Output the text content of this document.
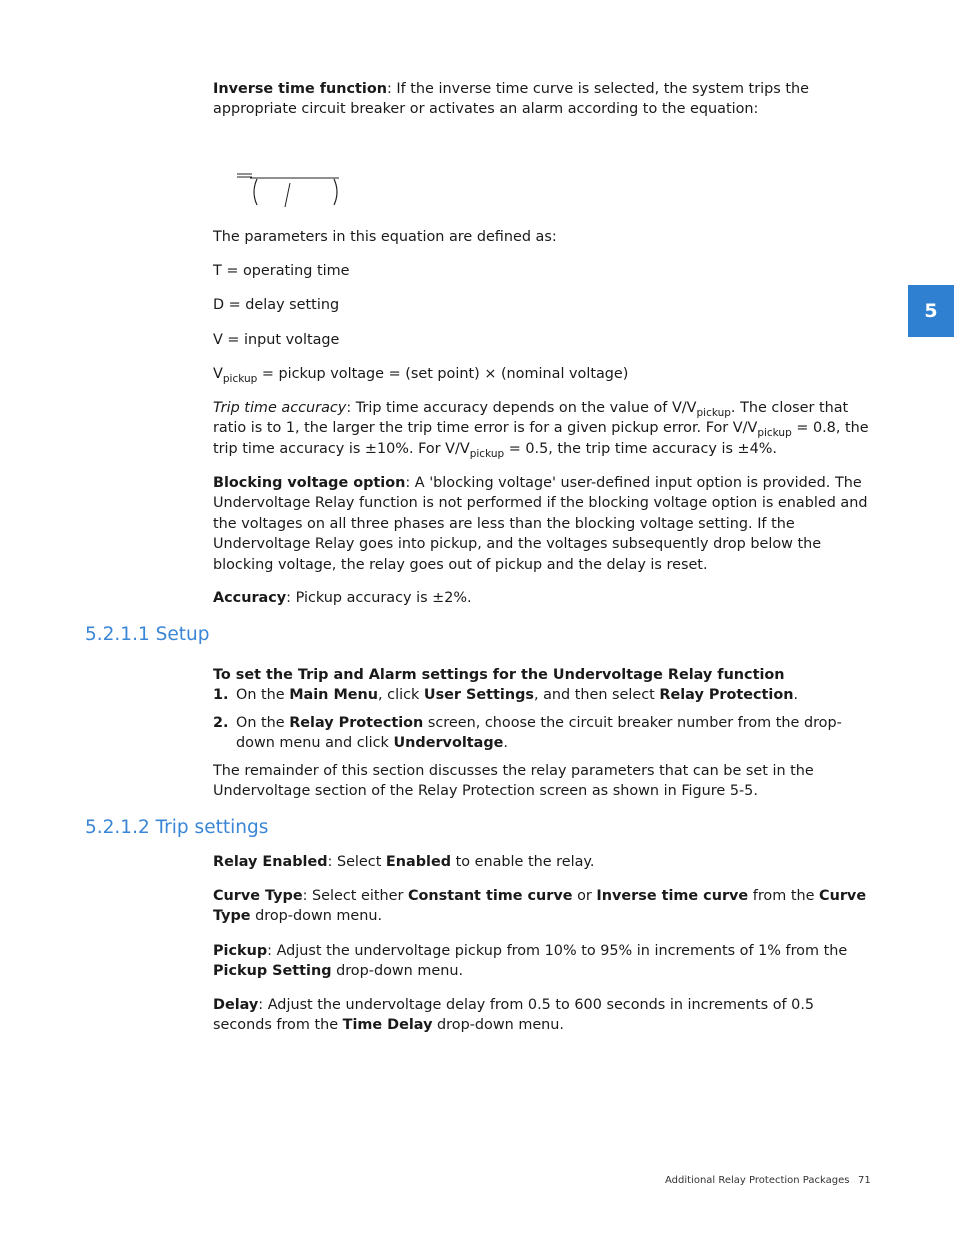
5
Inverse time function: If the inverse time curve is selected, the system trips the appropriate circuit breaker or activates an alarm according to the equation:
The parameters in this equation are defined as:
T = operating time
D = delay setting
V = input voltage
$V_{pickup}$ = pickup voltage = (set point) × (nominal voltage)
Trip time accuracy: Trip time accuracy depends on the value of $V/V_{pickup}$. The closer that ratio is to 1, the larger the trip time error is for a given pickup error. For $V/V_{pickup} = 0.8$, the trip time accuracy is ±10%. For $V/V_{pickup} = 0.5$, the trip time accuracy is ±4%.
Blocking voltage option: A 'blocking voltage' user-defined input option is provided. The Undervoltage Relay function is not performed if the blocking voltage option is enabled and the voltages on all three phases are less than the blocking voltage setting. If the Undervoltage Relay goes into pickup, and the voltages subsequently drop below the blocking voltage, the relay goes out of pickup and the delay is reset.
Accuracy: Pickup accuracy is ±2%.
5.2.1.1 Setup
To set the Trip and Alarm settings for the Undervoltage Relay function
1. On the Main Menu, click User Settings, and then select Relay Protection.
2. On the Relay Protection screen, choose the circuit breaker number from the drop-down menu and click Undervoltage.
The remainder of this section discusses the relay parameters that can be set in the Undervoltage section of the Relay Protection screen as shown in Figure 5-5.
5.2.1.2 Trip settings
Relay Enabled: Select Enabled to enable the relay.
Curve Type: Select either Constant time curve or Inverse time curve from the Curve Type drop-down menu.
Pickup: Adjust the undervoltage pickup from 10% to 95% in increments of 1% from the Pickup Setting drop-down menu.
Delay: Adjust the undervoltage delay from 0.5 to 600 seconds in increments of 0.5 seconds from the Time Delay drop-down menu.
Additional Relay Protection Packages 71
